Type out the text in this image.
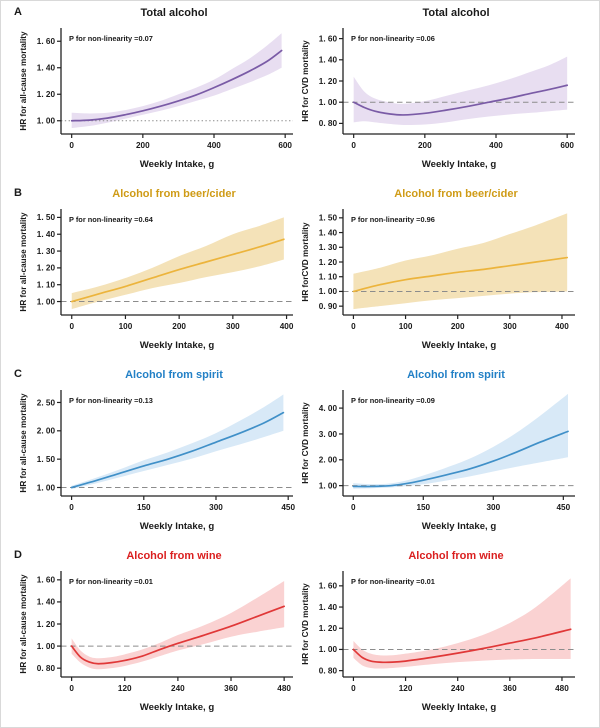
A	Total alcohol
1. 00
1. 20
1. 40
1. 60
0	200	400	600
P for non-linearity =0.07
Weekly Intake, g
HR for all-cause mortality
Total alcohol
0. 80
1. 00
1. 20
1. 40
1. 60
0	200	400	600
P for non-linearity =0.06
Weekly Intake, g
HR for CVD mortality
B	Alcohol from beer/cider
1. 00
1. 10
1. 20
1. 30
1. 40
1. 50
0	100	200	300	400
P for non-linearity =0.64
Weekly Intake, g
HR for all-cause mortality
Alcohol from beer/cider
0. 90
1. 00
1. 10
1. 20
1. 30
1. 40
1. 50
0	100	200	300	400
P for non-linearity =0.96
Weekly Intake, g
HR forCVD mortality
C	Alcohol from spirit
1. 00
1. 50
2. 00
2. 50
0	150	300	450
P for non-linearity =0.13
Weekly Intake, g
HR for all-cause mortality
Alcohol from spirit
1. 00
2. 00
3. 00
4. 00
0	150	300	450
P for non-linearity =0.09
Weekly Intake, g
HR for CVD mortality
D	Alcohol from wine
0. 80
1. 00
1. 20
1. 40
1. 60
0	120	240	360	480
P for non-linearity =0.01
Weekly Intake, g
HR for all-cause mortality
Alcohol from wine
0. 80
1. 00
1. 20
1. 40
1. 60
0	120	240	360	480
P for non-linearity =0.01
Weekly Intake, g
HR for CVD mortality
